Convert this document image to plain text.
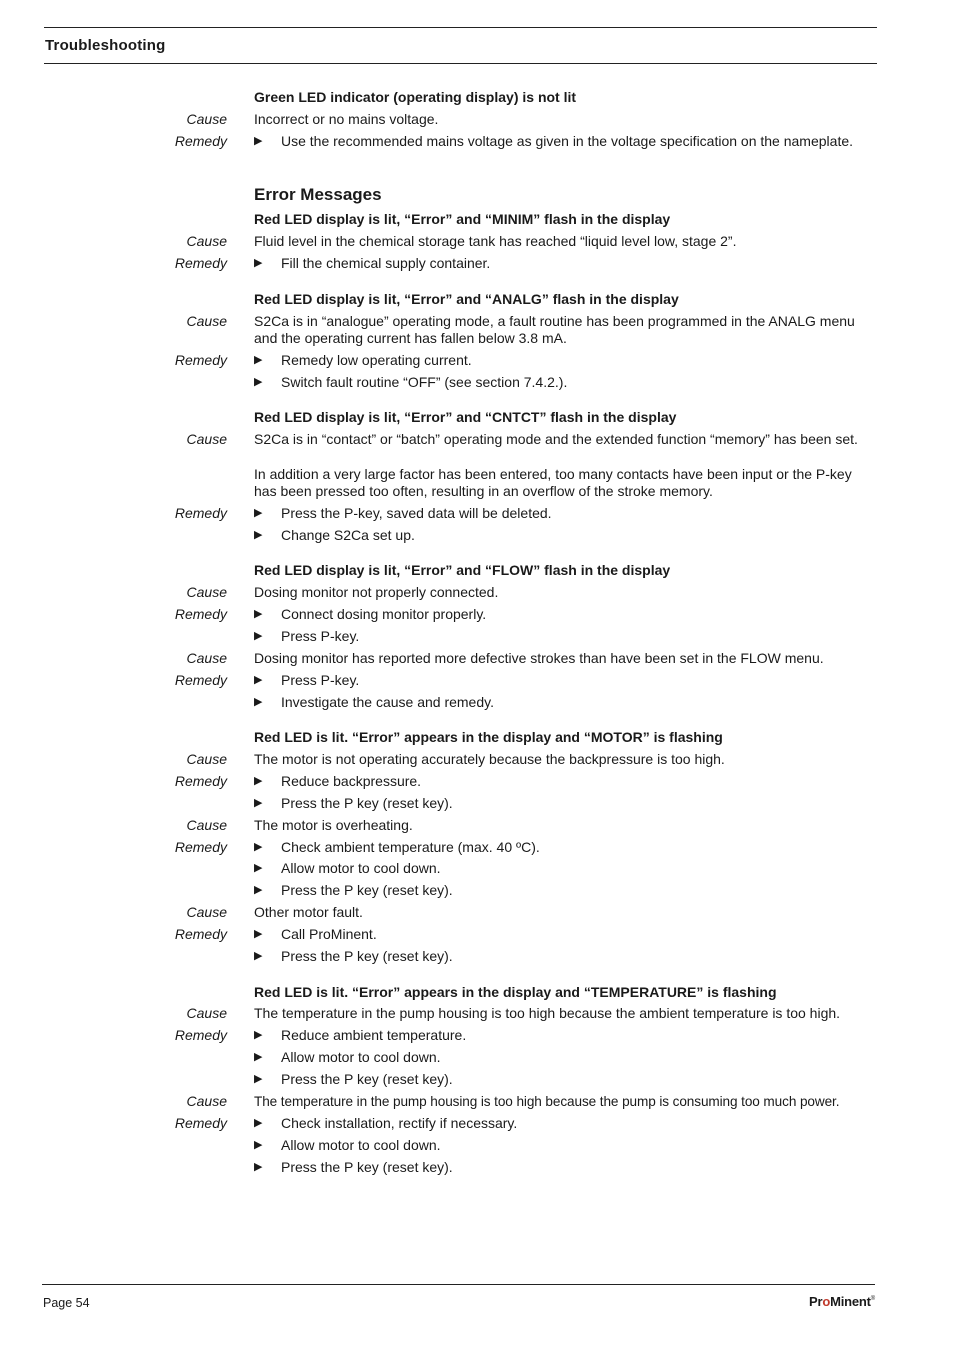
Troubleshooting
Green LED indicator (operating display) is not lit
Cause Incorrect or no mains voltage.
Remedy ▶ Use the recommended mains voltage as given in the voltage specification on the nameplate.
Error Messages
Red LED display is lit, “Error” and “MINIM” flash in the display
Cause Fluid level in the chemical storage tank has reached “liquid level low, stage 2”.
Remedy ▶ Fill the chemical supply container.
Red LED display is lit, “Error” and “ANALG” flash in the display
Cause S2Ca is in “analogue” operating mode, a fault routine has been programmed in the ANALG menu and the operating current has fallen below 3.8 mA.
Remedy ▶ Remedy low operating current.
▶ Switch fault routine “OFF” (see section 7.4.2.).
Red LED display is lit, “Error” and “CNTCT” flash in the display
Cause S2Ca is in “contact” or “batch” operating mode and the extended function “memory” has been set.
In addition a very large factor has been entered, too many contacts have been input or the P-key has been pressed too often, resulting in an overflow of the stroke memory.
Remedy ▶ Press the P-key, saved data will be deleted.
▶ Change S2Ca set up.
Red LED display is lit, “Error” and “FLOW” flash in the display
Cause Dosing monitor not properly connected.
Remedy ▶ Connect dosing monitor properly.
▶ Press P-key.
Cause Dosing monitor has reported more defective strokes than have been set in the FLOW menu.
Remedy ▶ Press P-key.
▶ Investigate the cause and remedy.
Red LED is lit. “Error” appears in the display and “MOTOR” is flashing
Cause The motor is not operating accurately because the backpressure is too high.
Remedy ▶ Reduce backpressure.
▶ Press the P key (reset key).
Cause The motor is overheating.
Remedy ▶ Check ambient temperature (max. 40 ºC).
▶ Allow motor to cool down.
▶ Press the P key (reset key).
Cause Other motor fault.
Remedy ▶ Call ProMinent.
▶ Press the P key (reset key).
Red LED is lit. “Error” appears in the display and “TEMPERATURE” is flashing
Cause The temperature in the pump housing is too high because the ambient temperature is too high.
Remedy ▶ Reduce ambient temperature.
▶ Allow motor to cool down.
▶ Press the P key (reset key).
Cause The temperature in the pump housing is too high because the pump is consuming too much power.
Remedy ▶ Check installation, rectify if necessary.
▶ Allow motor to cool down.
▶ Press the P key (reset key).
Page 54	ProMinent®
